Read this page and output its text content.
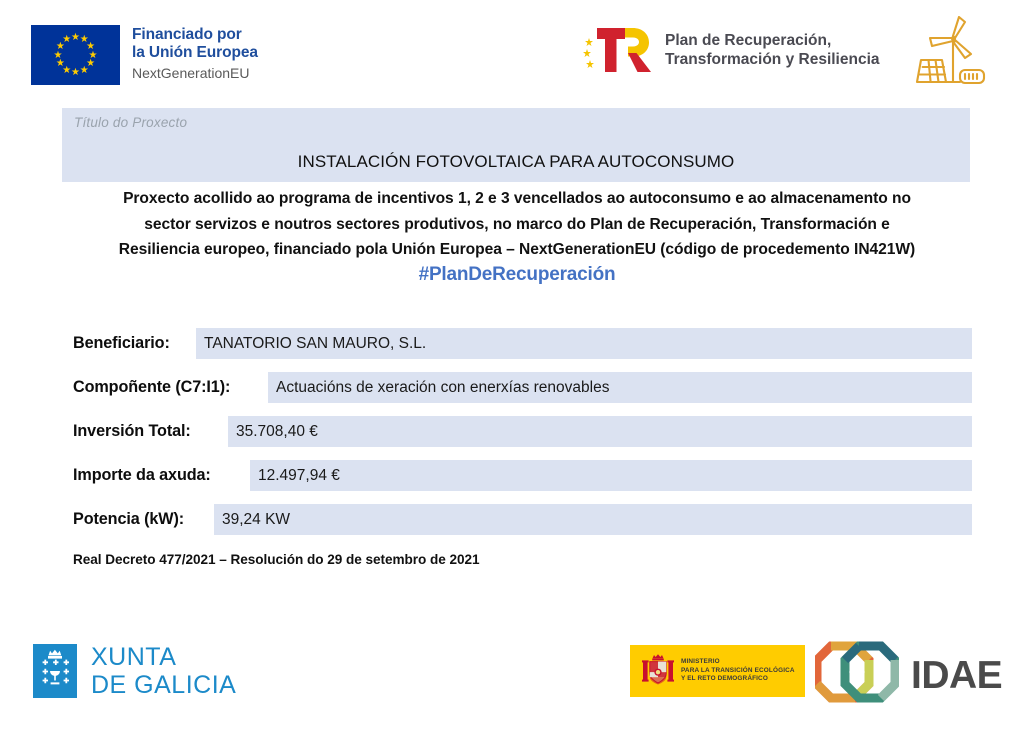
★ ★
★
★
★
★
★
★
★
★
★
★	Financiado por
la Unión Europea
NextGenerationEU
Plan de Recuperación,
Transformación y Resiliencia
Título do Proxecto
INSTALACIÓN FOTOVOLTAICA PARA AUTOCONSUMO
Proxecto acollido ao programa de incentivos 1, 2 e 3 vencellados ao autoconsumo e ao almacenamento no
sector servizos e noutros sectores produtivos, no marco do Plan de Recuperación, Transformación e
Resiliencia europeo, financiado pola Unión Europea – NextGenerationEU (código de procedemento IN421W)
#PlanDeRecuperación
Beneficiario: TANATORIO SAN MAURO, S.L.
Compoñente (C7:I1):	Actuacións de xeración con enerxías renovables
Inversión Total:	35.708,40 €
Importe da axuda:	12.497,94 €
Potencia (kW): 39,24 KW
Real Decreto 477/2021 – Resolución do 29 de setembro de 2021
XUNTA
DE GALICIA
MINISTERIO
PARA LA TRANSICIÓN ECOLÓGICA
Y EL RETO DEMOGRÁFICO	IDAE
